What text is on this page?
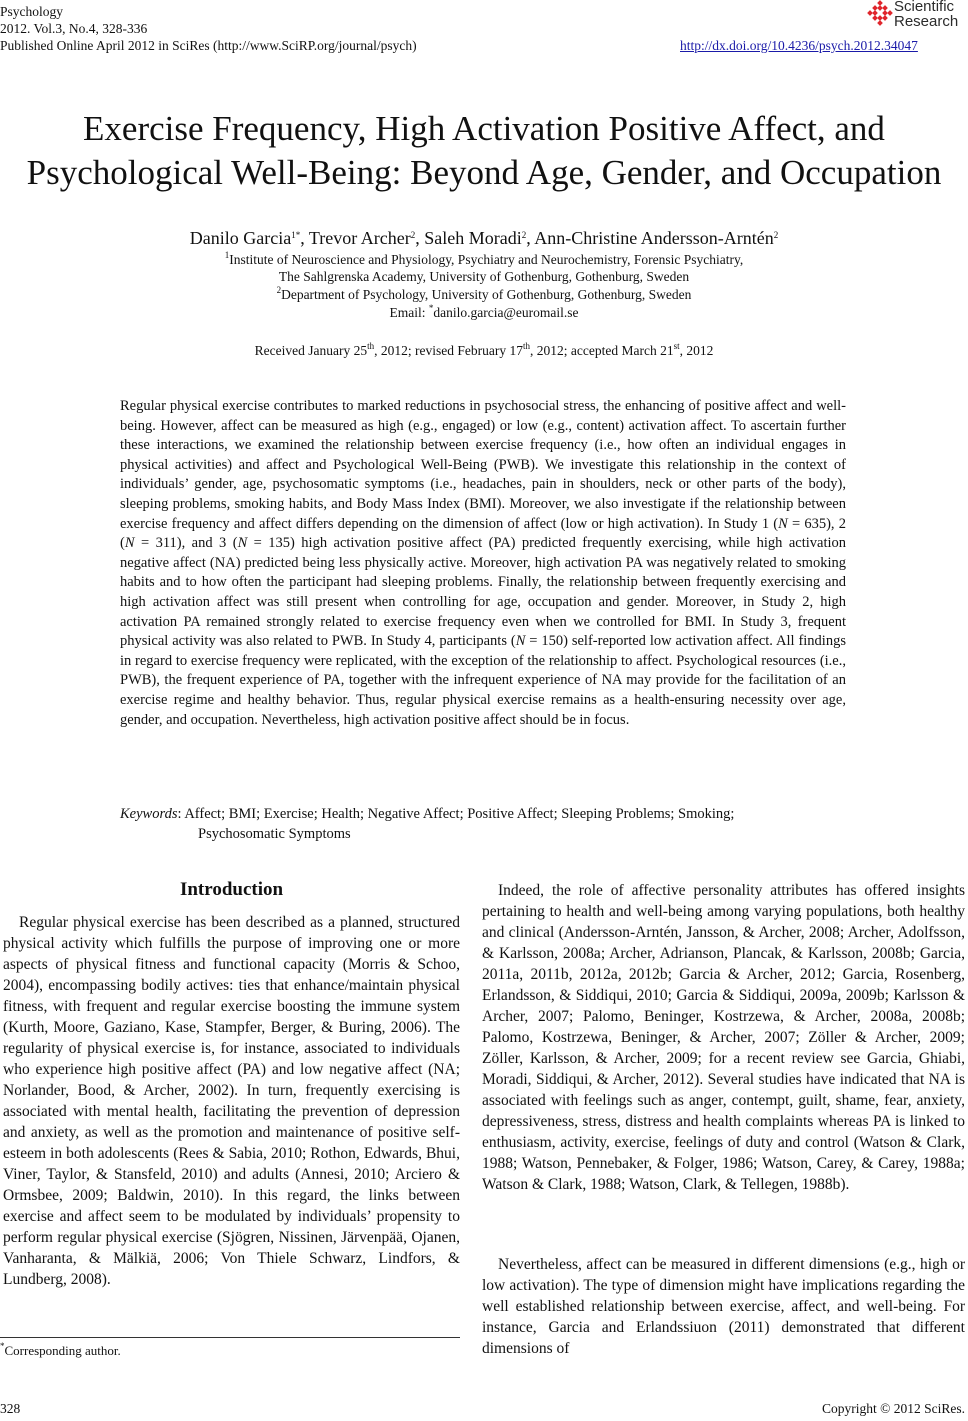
Psychology
2012. Vol.3, No.4, 328-336
Published Online April 2012 in SciRes (http://www.SciRP.org/journal/psych)	http://dx.doi.org/10.4236/psych.2012.34047
Scientific
Research
Exercise Frequency, High Activation Positive Affect, and
Psychological Well-Being: Beyond Age, Gender, and Occupation
Danilo Garcia$^{1*}$, Trevor Archer$^2$, Saleh Moradi$^2$, Ann-Christine Andersson-Arntén$^2$
$^1$Institute of Neuroscience and Physiology, Psychiatry and Neurochemistry, Forensic Psychiatry,
The Sahlgrenska Academy, University of Gothenburg, Gothenburg, Sweden
$^2$Department of Psychology, University of Gothenburg, Gothenburg, Sweden
Email: *danilo.garcia@euromail.se
Received January 25th, 2012; revised February 17th, 2012; accepted March 21st, 2012

Regular physical exercise contributes to marked reductions in psychosocial stress, the enhancing of positive affect and well-being. However, affect can be measured as high (e.g., engaged) or low (e.g., content) activation affect. To ascertain further these interactions, we examined the relationship between exercise frequency (i.e., how often an individual engages in physical activities) and affect and Psychological Well-Being (PWB). We investigate this relationship in the context of individuals’ gender, age, psychosomatic symptoms (i.e., headaches, pain in shoulders, neck or other parts of the body), sleeping problems, smoking habits, and Body Mass Index (BMI). Moreover, we also investigate if the relationship between exercise frequency and affect differs depending on the dimension of affect (low or high activation). In Study 1 (N = 635), 2 (N = 311), and 3 (N = 135) high activation positive affect (PA) predicted frequently exercising, while high activation negative affect (NA) predicted being less physically active. Moreover, high activation PA was negatively related to smoking habits and to how often the participant had sleeping problems. Finally, the relationship between frequently exercising and high activation affect was still present when controlling for age, occupation and gender. Moreover, in Study 2, high activation PA remained strongly related to exercise frequency even when we controlled for BMI. In Study 3, frequent physical activity was also related to PWB. In Study 4, participants (N = 150) self-reported low activation affect. All findings in regard to exercise frequency were replicated, with the exception of the relationship to affect. Psychological resources (i.e., PWB), the frequent experience of PA, together with the infrequent experience of NA may provide for the facilitation of an exercise regime and healthy behavior. Thus, regular physical exercise remains as a health-ensuring necessity over age, gender, and occupation. Nevertheless, high activation positive affect should be in focus.

Keywords: Affect; BMI; Exercise; Health; Negative Affect; Positive Affect; Sleeping Problems; Smoking;
Psychosomatic Symptoms
Introduction

Regular physical exercise has been described as a planned, structured physical activity which fulfills the purpose of improving one or more aspects of physical fitness and functional capacity (Morris & Schoo, 2004), encompassing bodily actives: ties that enhance/maintain physical fitness, with frequent and regular exercise boosting the immune system (Kurth, Moore, Gaziano, Kase, Stampfer, Berger, & Buring, 2006). The regularity of physical exercise is, for instance, associated to individuals who experience high positive affect (PA) and low negative affect (NA; Norlander, Bood, & Archer, 2002). In turn, frequently exercising is associated with mental health, facilitating the prevention of depression and anxiety, as well as the promotion and maintenance of positive self-esteem in both adolescents (Rees & Sabia, 2010; Rothon, Edwards, Bhui, Viner, Taylor, & Stansfeld, 2010) and adults (Annesi, 2010; Arciero & Ormsbee, 2009; Baldwin, 2010). In this regard, the links between exercise and affect seem to be modulated by individuals’ propensity to perform regular physical exercise (Sjögren, Nissinen, Järvenpää, Ojanen, Vanharanta, & Mälkiä, 2006; Von Thiele Schwarz, Lindfors, & Lundberg, 2008).

Indeed, the role of affective personality attributes has offered insights pertaining to health and well-being among varying populations, both healthy and clinical (Andersson-Arntén, Jansson, & Archer, 2008; Archer, Adolfsson, & Karlsson, 2008a; Archer, Adrianson, Plancak, & Karlsson, 2008b; Garcia, 2011a, 2011b, 2012a, 2012b; Garcia & Archer, 2012; Garcia, Rosenberg, Erlandsson, & Siddiqui, 2010; Garcia & Siddiqui, 2009a, 2009b; Karlsson & Archer, 2007; Palomo, Beninger, Kostrzewa, & Archer, 2008a, 2008b; Palomo, Kostrzewa, Beninger, & Archer, 2007; Zöller & Archer, 2009; Zöller, Karlsson, & Archer, 2009; for a recent review see Garcia, Ghiabi, Moradi, Siddiqui, & Archer, 2012). Several studies have indicated that NA is associated with feelings such as anger, contempt, guilt, shame, fear, anxiety, depressiveness, stress, distress and health complaints whereas PA is linked to enthusiasm, activity, exercise, feelings of duty and control (Watson & Clark, 1988; Watson, Pennebaker, & Folger, 1986; Watson, Carey, & Carey, 1988a; Watson & Clark, 1988; Watson, Clark, & Tellegen, 1988b).

Nevertheless, affect can be measured in different dimensions (e.g., high or low activation). The type of dimension might have implications regarding the well established relationship between exercise, affect, and well-being. For instance, Garcia and Erlandssiuon (2011) demonstrated that different dimensions of

*Corresponding author.
328	Copyright © 2012 SciRes.
